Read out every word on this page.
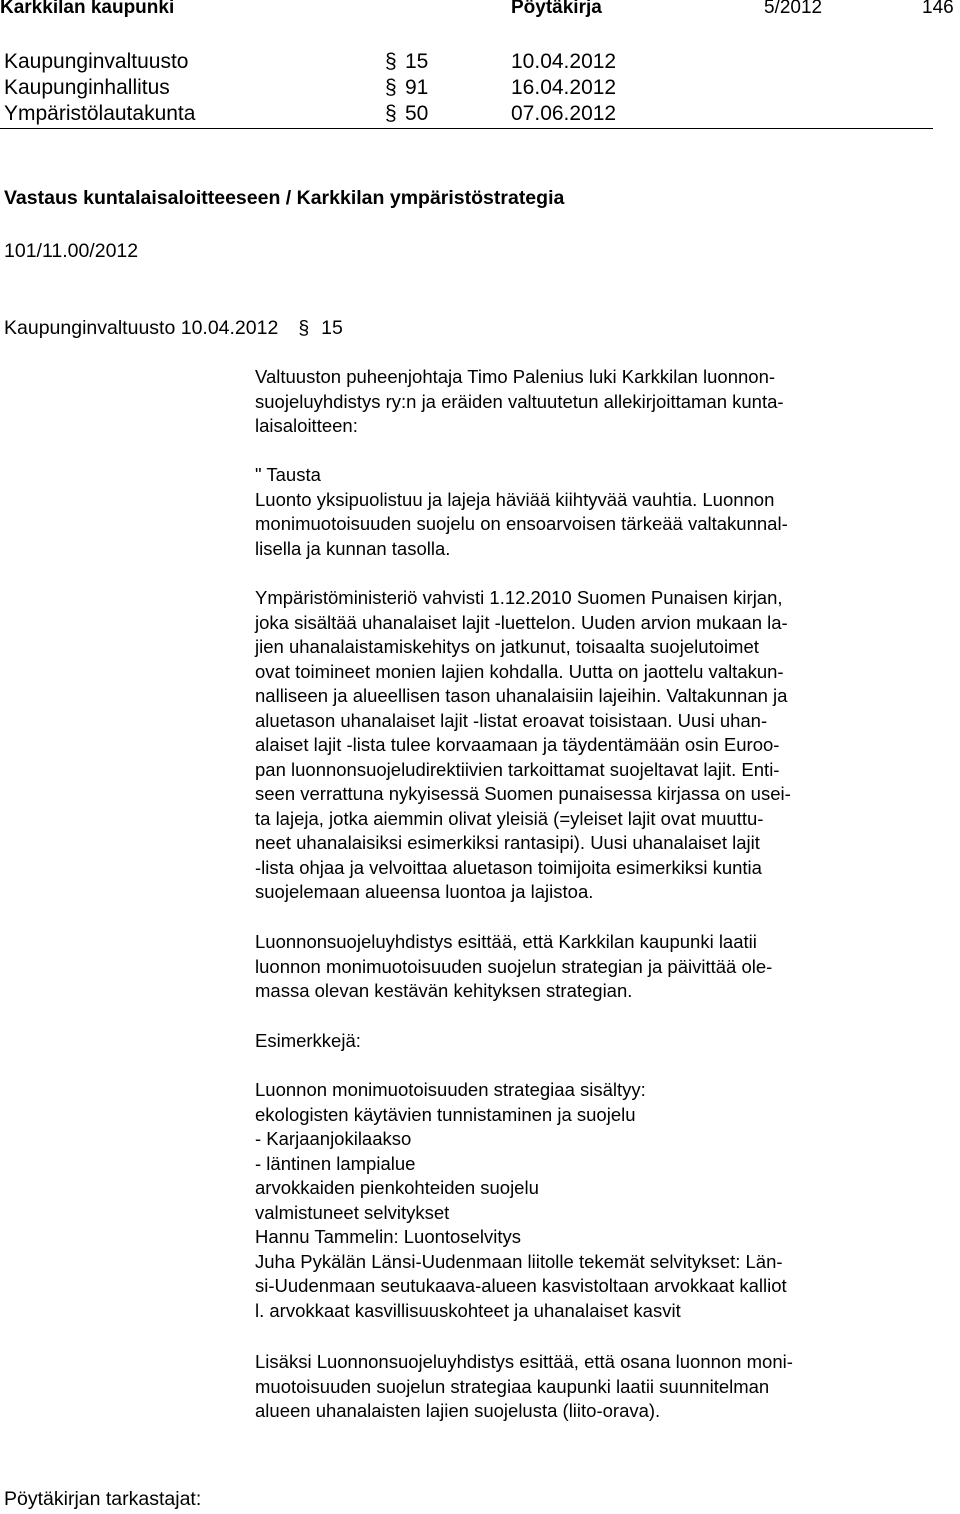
Karkkilan kaupunki	Pöytäkirja	5/2012	146
Kaupunginvaltuusto	§ 15	10.04.2012
Kaupunginhallitus	§ 91	16.04.2012
Ympäristölautakunta	§ 50	07.06.2012
Vastaus kuntalaisaloitteeseen / Karkkilan ympäristöstrategia
101/11.00/2012
Kaupunginvaltuusto 10.04.2012 § 15
Valtuuston puheenjohtaja Timo Palenius luki Karkkilan luonnon-
suojeluyhdistys ry:n ja eräiden valtuutetun allekirjoittaman kunta-
laisaloitteen:
" Tausta
Luonto yksipuolistuu ja lajeja häviää kiihtyvää vauhtia. Luonnon
monimuotoisuuden suojelu on ensoarvoisen tärkeää valtakunnal-
lisella ja kunnan tasolla.
Ympäristöministeriö vahvisti 1.12.2010 Suomen Punaisen kirjan,
joka sisältää uhanalaiset lajit -luettelon. Uuden arvion mukaan la-
jien uhanalaistamiskehitys on jatkunut, toisaalta suojelutoimet
ovat toimineet monien lajien kohdalla. Uutta on jaottelu valtakun-
nalliseen ja alueellisen tason uhanalaisiin lajeihin. Valtakunnan ja
aluetason uhanalaiset lajit -listat eroavat toisistaan. Uusi uhan-
alaiset lajit -lista tulee korvaamaan ja täydentämään osin Euroo-
pan luonnonsuojeludirektiivien tarkoittamat suojeltavat lajit. Enti-
seen verrattuna nykyisessä Suomen punaisessa kirjassa on usei-
ta lajeja, jotka aiemmin olivat yleisiä (=yleiset lajit ovat muuttu-
neet uhanalaisiksi esimerkiksi rantasipi). Uusi uhanalaiset lajit
-lista ohjaa ja velvoittaa aluetason toimijoita esimerkiksi kuntia
suojelemaan alueensa luontoa ja lajistoa.
Luonnonsuojeluyhdistys esittää, että Karkkilan kaupunki laatii
luonnon monimuotoisuuden suojelun strategian ja päivittää ole-
massa olevan kestävän kehityksen strategian.
Esimerkkejä:
Luonnon monimuotoisuuden strategiaa sisältyy:
ekologisten käytävien tunnistaminen ja suojelu
- Karjaanjokilaakso
- läntinen lampialue
arvokkaiden pienkohteiden suojelu
valmistuneet selvitykset
Hannu Tammelin: Luontoselvitys
Juha Pykälän Länsi-Uudenmaan liitolle tekemät selvitykset: Län-
si-Uudenmaan seutukaava-alueen kasvistoltaan arvokkaat kalliot
l. arvokkaat kasvillisuuskohteet ja uhanalaiset kasvit
Lisäksi Luonnonsuojeluyhdistys esittää, että osana luonnon moni-
muotoisuuden suojelun strategiaa kaupunki laatii suunnitelman
alueen uhanalaisten lajien suojelusta (liito-orava).
Pöytäkirjan tarkastajat:
